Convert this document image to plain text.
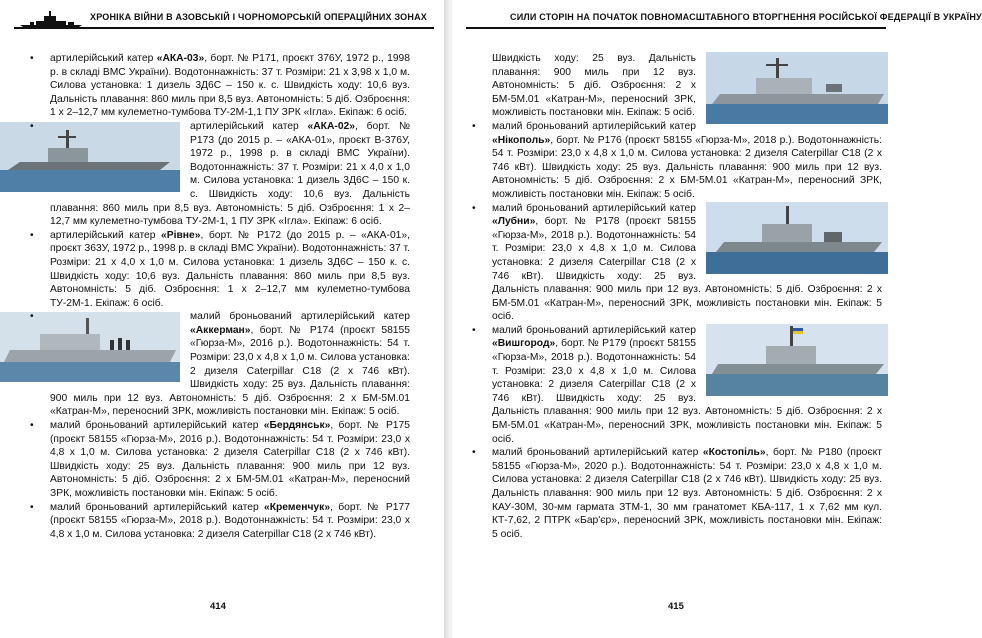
ХРОНІКА ВІЙНИ В АЗОВСЬКІЙ І ЧОРНОМОРСЬКІЙ ОПЕРАЦІЙНИХ ЗОНАХ

• артилерійський катер «АКА-03», борт. № P171, проєкт 376У, 1972 р., 1998 р. в складі ВМС України). Водотоннажність: 37 т. Розміри: 21 х 3,98 х 1,0 м. Силова установка: 1 дизель 3Д6С – 150 к. с. Швидкість ходу: 10,6 вуз. Дальність плавання: 860 миль при 8,5 вуз. Автономність: 5 діб. Озброєння: 1 х 2–12,7 мм кулеметно-тумбова ТУ-2М-1,1 ПУ ЗРК «Ігла». Екіпаж: 6 осіб.

•	артилерійський катер «АКА-02», борт. № P173 (до 2015 р. – «АКА-01», проєкт В-376У, 1972 р., 1998 р. в складі ВМС України). Водотоннажність: 37 т. Розміри: 21 х 4,0 х 1,0 м. Силова установка: 1 дизель 3Д6С – 150 к. с. Швидкість ходу: 10,6 вуз. Дальність плавання: 860 миль при 8,5 вуз. Автономність: 5 діб. Озброєння: 1 х 2–12,7 мм кулеметно-тумбова ТУ-2М-1, 1 ПУ ЗРК «Ігла». Екіпаж: 6 осіб.

• артилерійський катер «Рівне», борт. № P172 (до 2015 р. – «АКА-01», проєкт 363У, 1972 р., 1998 р. в складі ВМС України). Водотоннажність: 37 т. Розміри: 21 х 4,0 х 1,0 м. Силова установка: 1 дизель 3Д6С – 150 к. с. Швидкість ходу: 10,6 вуз. Дальність плавання: 860 миль при 8,5 вуз. Автономність: 5 діб. Озброєння: 1 х 2–12,7 мм кулеметно-тумбова ТУ-2М-1. Екіпаж: 6 осіб.

•	малий броньований артилерійський катер «Аккерман», борт. № P174 (проєкт 58155 «Гюрза-М», 2016 р.). Водотоннажність: 54 т. Розміри: 23,0 х 4,8 х 1,0 м. Силова установка: 2 дизеля Caterpillar C18 (2 х 746 кВт). Швидкість ходу: 25 вуз. Дальність плавання: 900 миль при 12 вуз. Автономність: 5 діб. Озброєння: 2 х БМ-5М.01 «Катран-М», переносний ЗРК, можливість постановки мін. Екіпаж: 5 осіб.

• малий броньований артилерійський катер «Бердянськ», борт. № P175 (проєкт 58155 «Гюрза-М», 2016 р.). Водотоннажність: 54 т. Розміри: 23,0 х 4,8 х 1,0 м. Силова установка: 2 дизеля Caterpillar C18 (2 х 746 кВт). Швидкість ходу: 25 вуз. Дальність плавання: 900 миль при 12 вуз. Автономність: 5 діб. Озброєння: 2 х БМ-5М.01 «Катран-М», переносний ЗРК, можливість постановки мін. Екіпаж: 5 осіб.

• малий броньований артилерійський катер «Кременчук», борт. № P177 (проєкт 58155 «Гюрза-М», 2018 р.). Водотоннажність: 54 т. Розміри: 23,0 х 4,8 х 1,0 м. Силова установка: 2 дизеля Caterpillar C18 (2 х 746 кВт).

414
СИЛИ СТОРІН НА ПОЧАТОК ПОВНОМАСШТАБНОГО ВТОРГНЕННЯ РОСІЙСЬКОЇ ФЕДЕРАЦІЇ В УКРАЇНУ

Швидкість ходу: 25 вуз. Дальність плавання: 900 миль при 12 вуз. Автономність: 5 діб. Озброєння: 2 х БМ-5М.01 «Катран-М», переносний ЗРК, можливість постановки мін. Екіпаж: 5 осіб.

• малий броньований артилерійський катер «Нікополь», борт. № P176 (проєкт 58155 «Гюрза-М», 2018 р.). Водотоннажність: 54 т. Розміри: 23,0 х 4,8 х 1,0 м. Силова установка: 2 дизеля Caterpillar C18 (2 х 746 кВт). Швидкість ходу: 25 вуз. Дальність плавання: 900 миль при 12 вуз. Автономність: 5 діб. Озброєння: 2 х БМ-5М.01 «Катран-М», переносний ЗРК, можливість постановки мін. Екіпаж: 5 осіб.

• малий броньований артилерійський катер «Лубни», борт. № P178 (проєкт 58155 «Гюрза-М», 2018 р.). Водотоннажність: 54 т. Розміри: 23,0 х 4,8 х 1,0 м. Силова установка: 2 дизеля Caterpillar C18 (2 х 746 кВт). Швидкість ходу: 25 вуз. Дальність плавання: 900 миль при 12 вуз. Автономність: 5 діб. Озброєння: 2 х БМ-5М.01 «Катран-М», переносний ЗРК, можливість постановки мін. Екіпаж: 5 осіб.

• малий броньований артилерійський катер «Вишгород», борт. № P179 (проєкт 58155 «Гюрза-М», 2018 р.). Водотоннажність: 54 т. Розміри: 23,0 х 4,8 х 1,0 м. Силова установка: 2 дизеля Caterpillar C18 (2 х 746 кВт). Швидкість ходу: 25 вуз. Дальність плавання: 900 миль при 12 вуз. Автономність: 5 діб. Озброєння: 2 х БМ-5М.01 «Катран-М», переносний ЗРК, можливість постановки мін. Екіпаж: 5 осіб.

• малий броньований артилерійський катер «Костопіль», борт. № P180 (проєкт 58155 «Гюрза-М», 2020 р.). Водотоннажність: 54 т. Розміри: 23,0 х 4,8 х 1,0 м. Силова установка: 2 дизеля Caterpillar C18 (2 х 746 кВт). Швидкість ходу: 25 вуз. Дальність плавання: 900 миль при 12 вуз. Автономність: 5 діб. Озброєння: 2 х КАУ-30М, 30-мм гармата ЗТМ-1, 30 мм гранатомет КБА-117, 1 х 7,62 мм кул. КТ-7,62, 2 ПТРК «Бар'єр», переносний ЗРК, можливість постановки мін. Екіпаж: 5 осіб.

415
